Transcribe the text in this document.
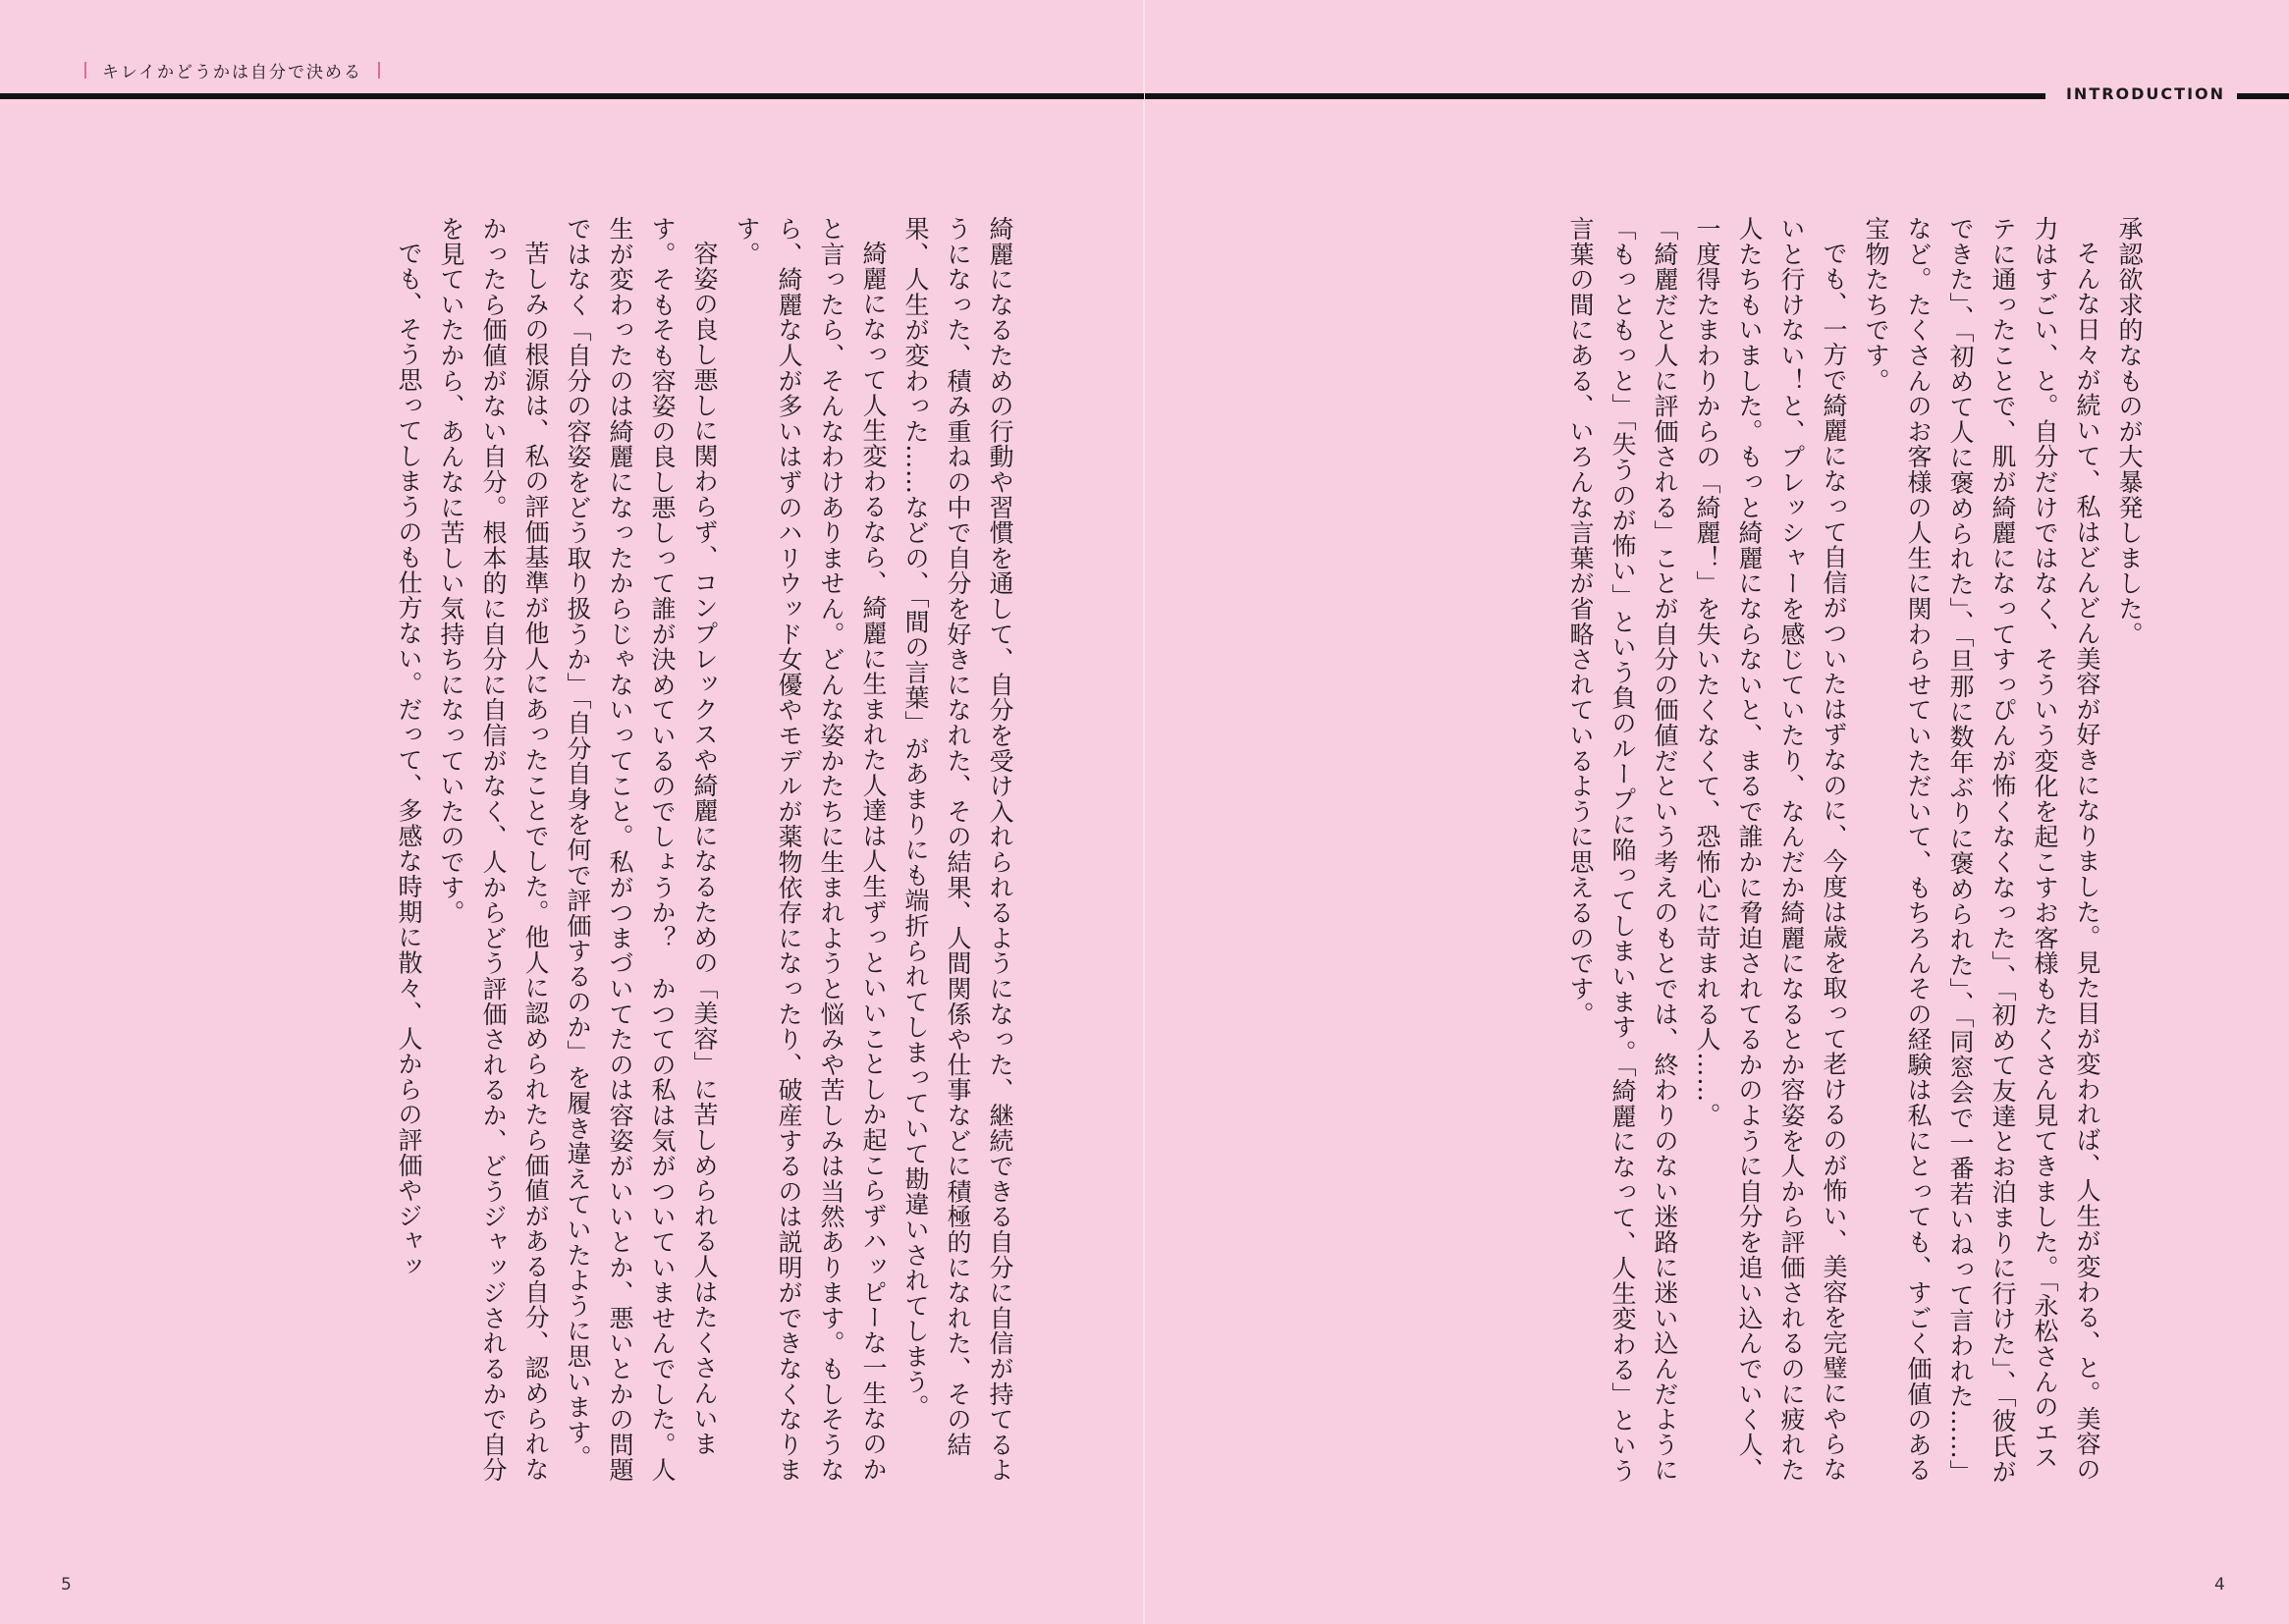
キレイかどうかは自分で決める
INTRODUCTION

承認欲求的なものが大暴発しました。

そんな日々が続いて、私はどんどん美容が好きになりました。見た目が変われば、人生が変わる、と。美容の力はすごい、と。自分だけではなく、そういう変化を起こすお客様もたくさん見てきました。「永松さんのエステに通ったことで、肌が綺麗になってすっぴんが怖くなくなった」、「初めて友達とお泊まりに行けた」、「彼氏ができた」、「初めて人に褒められた」、「旦那に数年ぶりに褒められた」、「同窓会で一番若いねって言われた……」など。たくさんのお客様の人生に関わらせていただいて、もちろんその経験は私にとっても、すごく価値のある宝物たちです。

でも、一方で綺麗になって自信がついたはずなのに、今度は歳を取って老けるのが怖い、美容を完璧にやらないと行けない！と、プレッシャーを感じていたり、なんだか綺麗になるとか容姿を人から評価されるのに疲れた人たちもいました。もっと綺麗にならないと、まるで誰かに脅迫されてるかのように自分を追い込んでいく人、一度得たまわりからの「綺麗！」を失いたくなくて、恐怖心に苛まれる人……。

「綺麗だと人に評価される」ことが自分の価値だという考えのもとでは、終わりのない迷路に迷い込んだように「もっともっと」「失うのが怖い」という負のループに陥ってしまいます。「綺麗になって、人生変わる」という言葉の間にある、いろんな言葉が省略されているように思えるのです。

綺麗になるための行動や習慣を通して、自分を受け入れられるようになった、継続できる自分に自信が持てるようになった、積み重ねの中で自分を好きになれた、その結果、人間関係や仕事などに積極的になれた、その結果、人生が変わった……などの、「間の言葉」があまりにも端折られてしまっていて勘違いされてしまう。

綺麗になって人生変わるなら、綺麗に生まれた人達は人生ずっといいことしか起こらずハッピーな一生なのかと言ったら、そんなわけありません。どんな姿かたちに生まれようと悩みや苦しみは当然あります。もしそうなら、綺麗な人が多いはずのハリウッド女優やモデルが薬物依存になったり、破産するのは説明ができなくなります。

容姿の良し悪しに関わらず、コンプレックスや綺麗になるための「美容」に苦しめられる人はたくさんいます。そもそも容姿の良し悪しって誰が決めているのでしょうか？　かつての私は気がついていませんでした。人生が変わったのは綺麗になったからじゃないってこと。私がつまづいてたのは容姿がいいとか、悪いとかの問題ではなく「自分の容姿をどう取り扱うか」「自分自身を何で評価するのか」を履き違えていたように思います。

苦しみの根源は、私の評価基準が他人にあったことでした。他人に認められたら価値がある自分、認められなかったら価値がない自分。根本的に自分に自信がなく、人からどう評価されるか、どうジャッジされるかで自分を見ていたから、あんなに苦しい気持ちになっていたのです。

でも、そう思ってしまうのも仕方ない。だって、多感な時期に散々、人からの評価やジャッ

5	4
